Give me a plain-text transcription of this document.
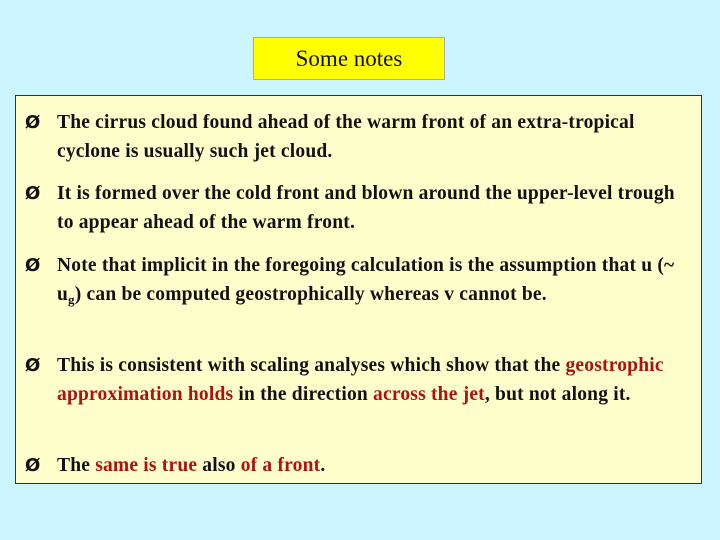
Some notes
Ø The cirrus cloud found ahead of the warm front of an extra-tropical cyclone is usually such jet cloud.
Ø It is formed over the cold front and blown around the upper-level trough to appear ahead of the warm front.
Ø Note that implicit in the foregoing calculation is the assumption that u (~ $u_g$) can be computed geostrophically whereas v cannot be.
Ø This is consistent with scaling analyses which show that the geostrophic approximation holds in the direction across the jet, but not along it.
Ø The same is true also of a front.
